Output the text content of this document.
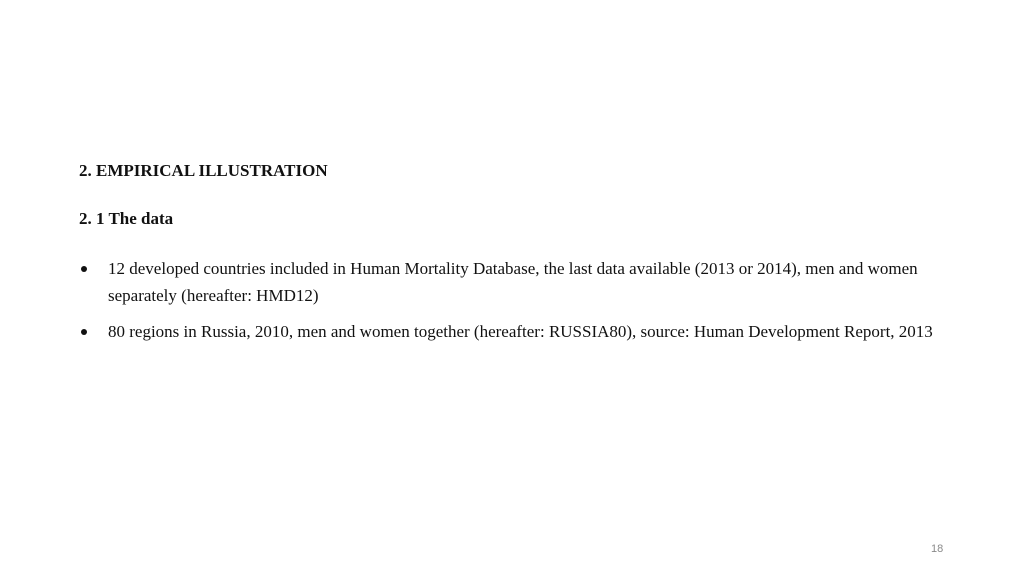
2. EMPIRICAL ILLUSTRATION
2. 1 The data
12 developed countries included in Human Mortality Database, the last data available (2013 or 2014), men and women separately (hereafter: HMD12)
80 regions in Russia, 2010, men and women together (hereafter: RUSSIA80), source: Human Development Report, 2013
18
